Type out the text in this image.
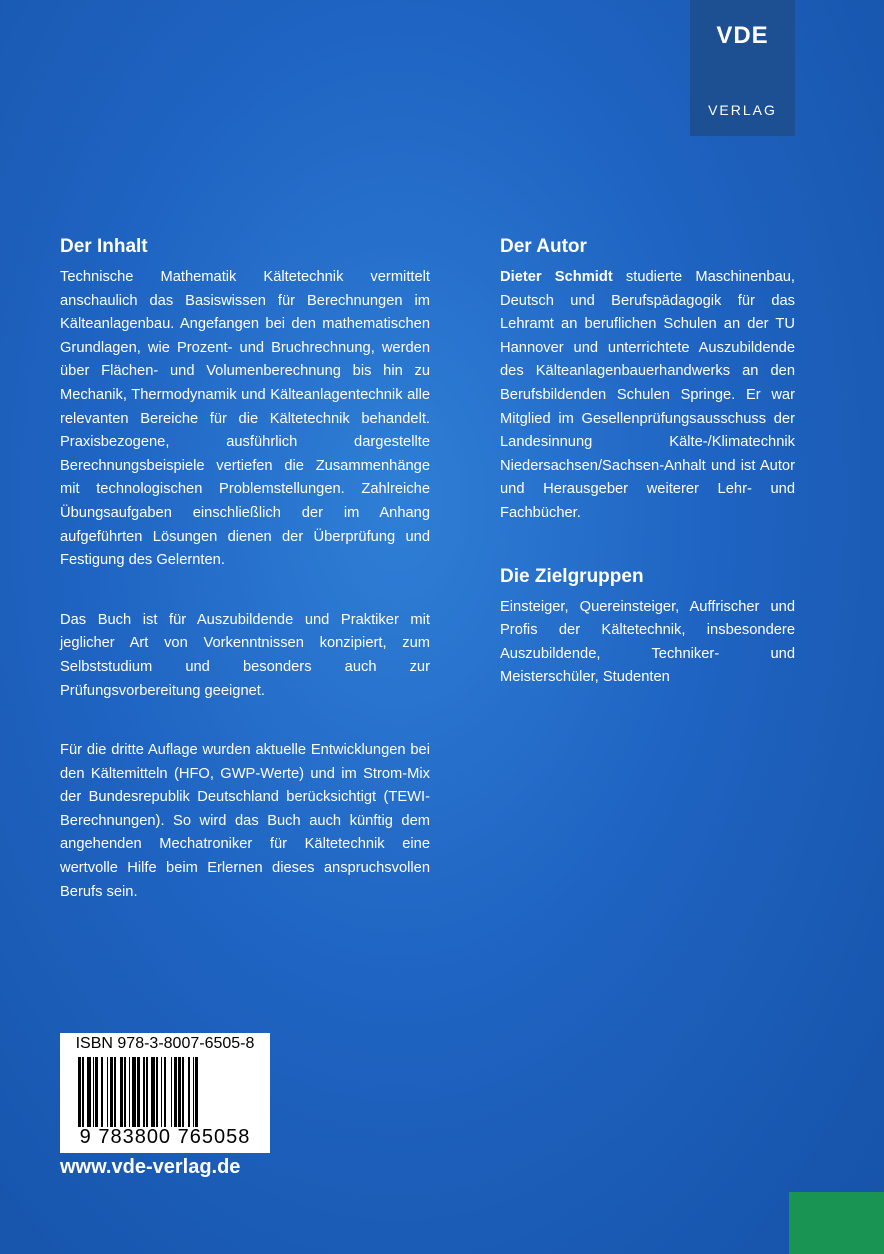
VDE
VERLAG
Der Inhalt

Technische Mathematik Kältetechnik vermittelt anschaulich das Basiswissen für Berechnungen im Kälteanlagenbau. Angefangen bei den mathematischen Grundlagen, wie Prozent- und Bruchrechnung, werden über Flächen- und Volumenberechnung bis hin zu Mechanik, Thermodynamik und Kälteanlagentechnik alle relevanten Bereiche für die Kältetechnik behandelt. Praxisbezogene, ausführlich dargestellte Berechnungsbeispiele vertiefen die Zusammenhänge mit technologischen Problemstellungen. Zahlreiche Übungsaufgaben einschließlich der im Anhang aufgeführten Lösungen dienen der Überprüfung und Festigung des Gelernten.

Das Buch ist für Auszubildende und Praktiker mit jeglicher Art von Vorkenntnissen konzipiert, zum Selbststudium und besonders auch zur Prüfungsvorbereitung geeignet.

Für die dritte Auflage wurden aktuelle Entwicklungen bei den Kältemitteln (HFO, GWP-Werte) und im Strom-Mix der Bundesrepublik Deutschland berücksichtigt (TEWI-Berechnungen). So wird das Buch auch künftig dem angehenden Mechatroniker für Kältetechnik eine wertvolle Hilfe beim Erlernen dieses anspruchsvollen Berufs sein.

Der Autor

Dieter Schmidt studierte Maschinenbau, Deutsch und Berufspädagogik für das Lehramt an beruflichen Schulen an der TU Hannover und unterrichtete Auszubildende des Kälteanlagenbauerhandwerks an den Berufsbildenden Schulen Springe. Er war Mitglied im Gesellenprüfungsausschuss der Landesinnung Kälte-/Klimatechnik Niedersachsen/Sachsen-Anhalt und ist Autor und Herausgeber weiterer Lehr- und Fachbücher.

Die Zielgruppen

Einsteiger, Quereinsteiger, Auffrischer und Profis der Kältetechnik, insbesondere Auszubildende, Techniker- und Meisterschüler, Studenten

ISBN 978-3-8007-6505-8
9 783800 765058
www.vde-verlag.de
